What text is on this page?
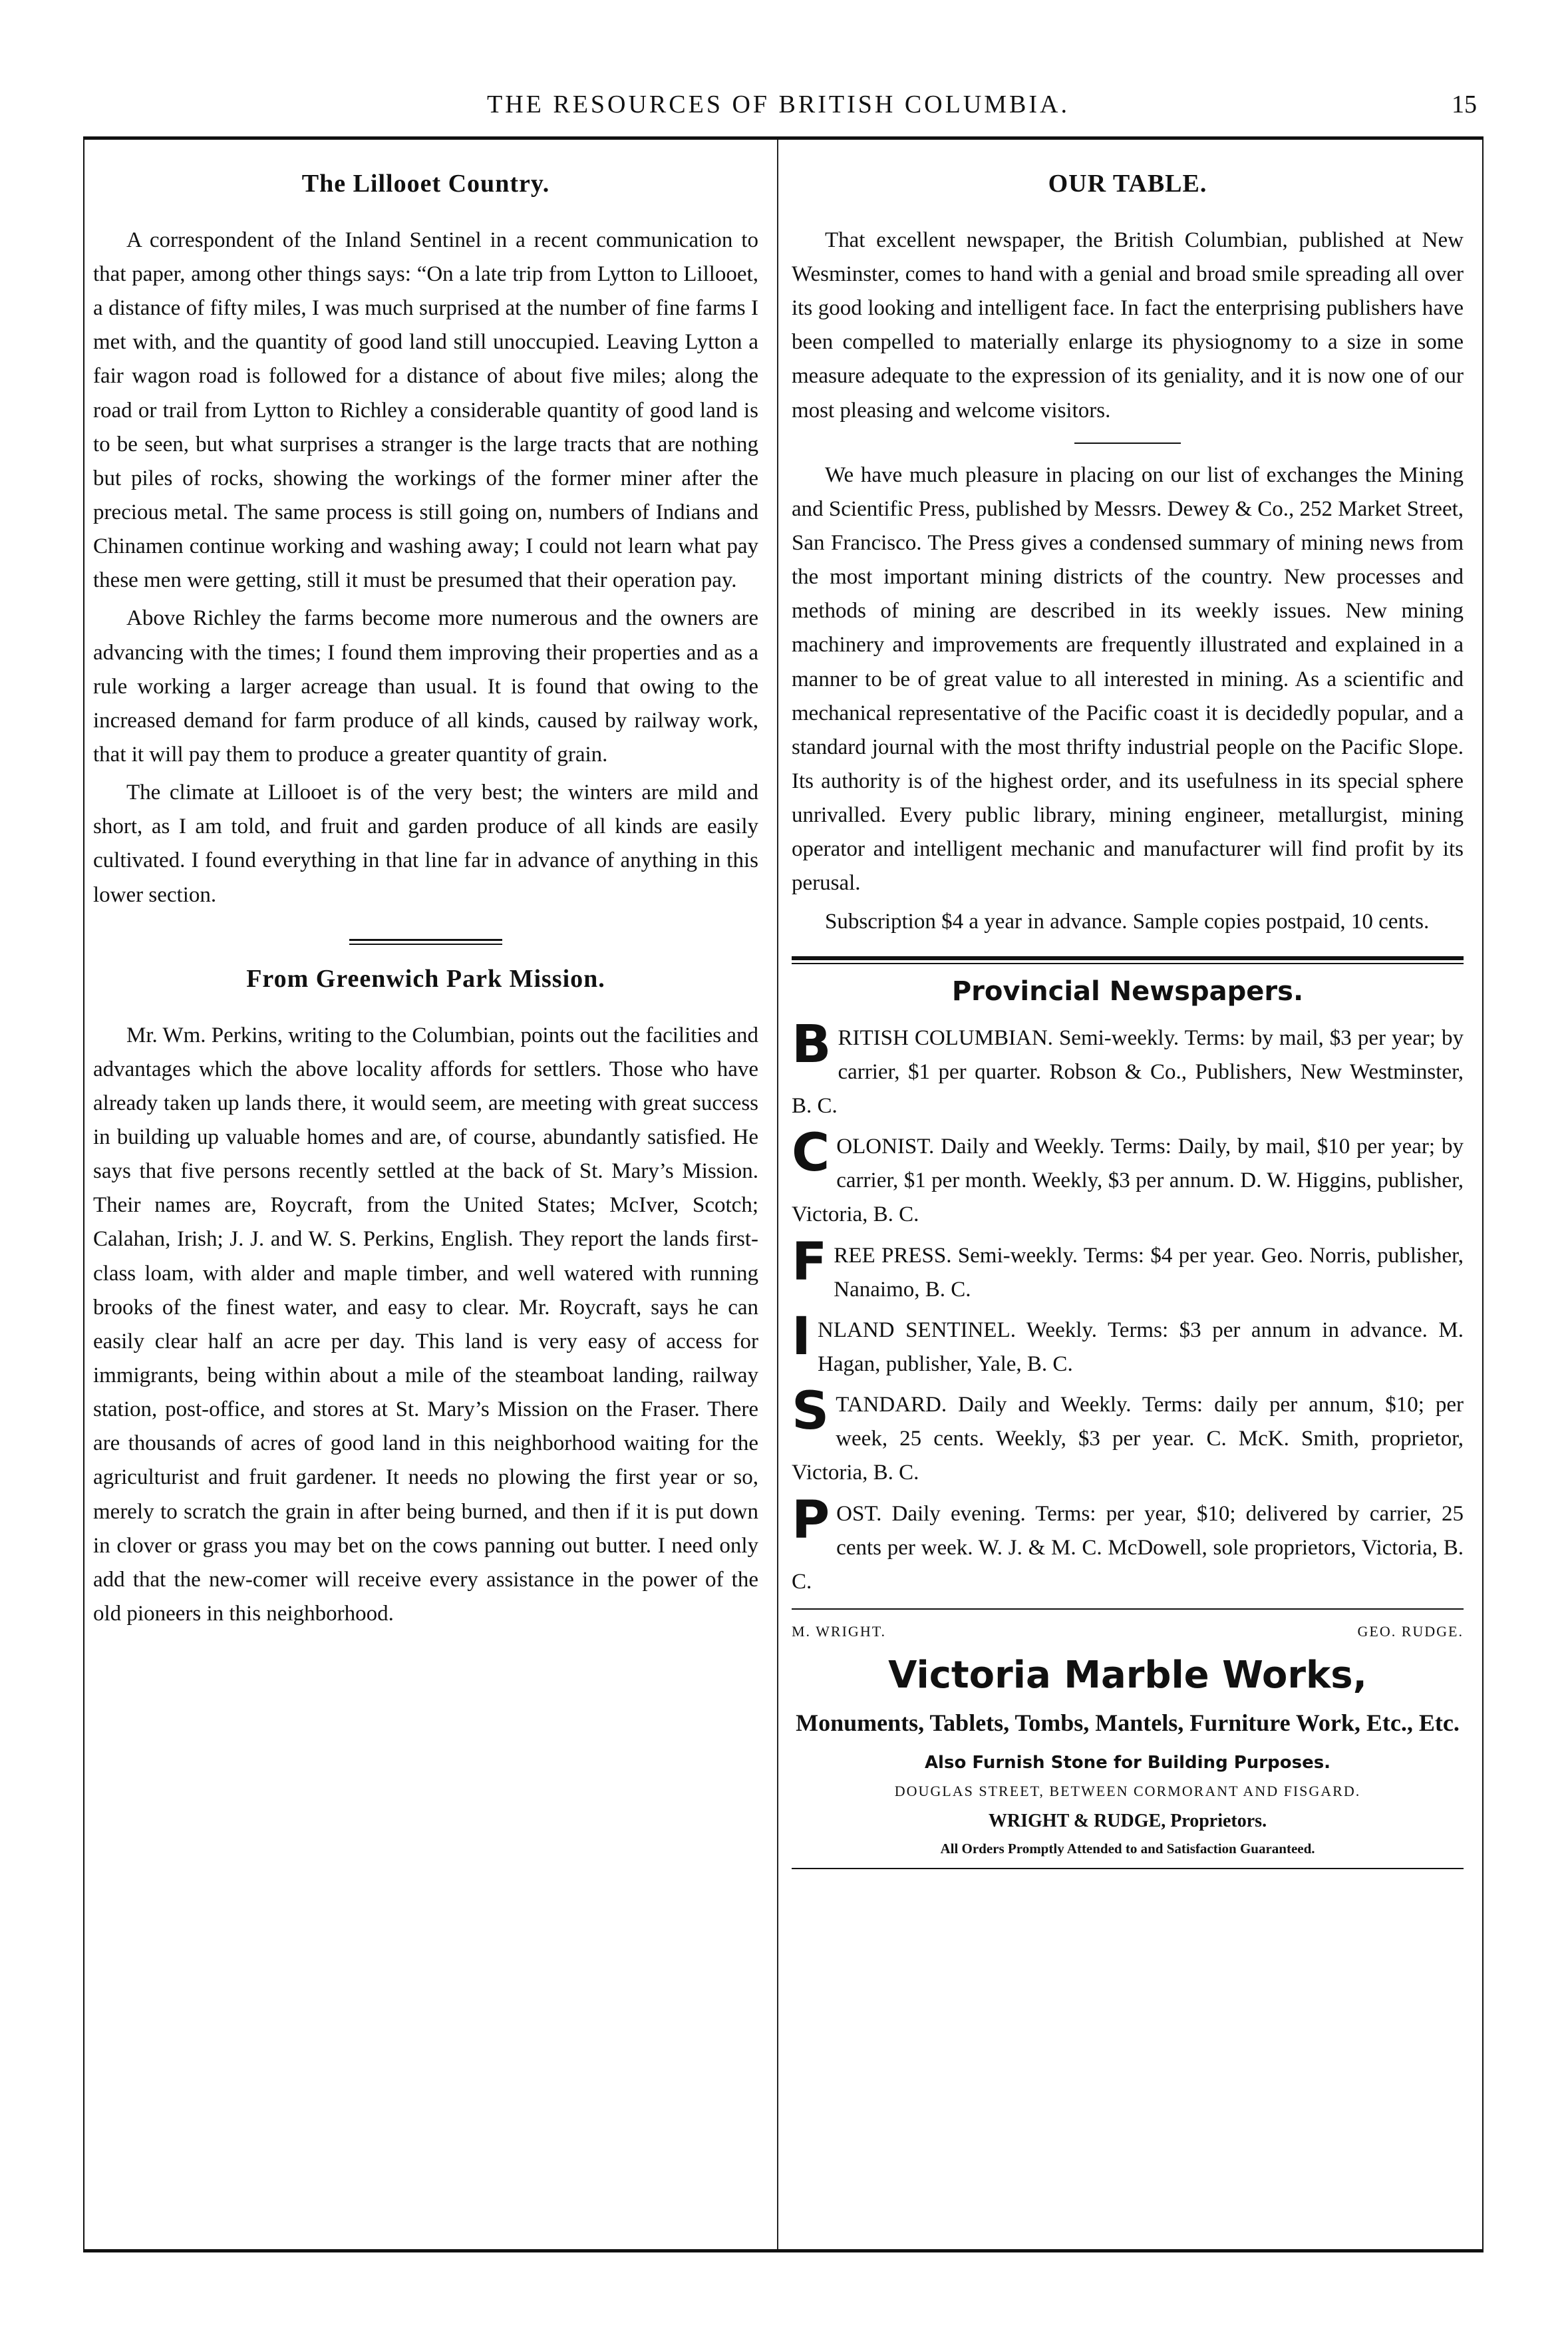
THE RESOURCES OF BRITISH COLUMBIA.	15
The Lillooet Country.

A correspondent of the Inland Sentinel in a recent communication to that paper, among other things says: “On a late trip from Lytton to Lillooet, a distance of fifty miles, I was much surprised at the number of fine farms I met with, and the quantity of good land still unoccupied. Leaving Lytton a fair wagon road is followed for a distance of about five miles; along the road or trail from Lytton to Richley a considerable quantity of good land is to be seen, but what surprises a stranger is the large tracts that are nothing but piles of rocks, showing the workings of the former miner after the precious metal. The same process is still going on, numbers of Indians and Chinamen continue working and washing away; I could not learn what pay these men were getting, still it must be presumed that their operation pay.

Above Richley the farms become more numerous and the owners are advancing with the times; I found them improving their properties and as a rule working a larger acreage than usual. It is found that owing to the increased demand for farm produce of all kinds, caused by railway work, that it will pay them to produce a greater quantity of grain.

The climate at Lillooet is of the very best; the winters are mild and short, as I am told, and fruit and garden produce of all kinds are easily cultivated. I found everything in that line far in advance of anything in this lower section.

From Greenwich Park Mission.

Mr. Wm. Perkins, writing to the Columbian, points out the facilities and advantages which the above locality affords for settlers. Those who have already taken up lands there, it would seem, are meeting with great success in building up valuable homes and are, of course, abundantly satisfied. He says that five persons recently settled at the back of St. Mary’s Mission. Their names are, Roycraft, from the United States; McIver, Scotch; Calahan, Irish; J. J. and W. S. Perkins, English. They report the lands first-class loam, with alder and maple timber, and well watered with running brooks of the finest water, and easy to clear. Mr. Roycraft, says he can easily clear half an acre per day. This land is very easy of access for immigrants, being within about a mile of the steamboat landing, railway station, post-office, and stores at St. Mary’s Mission on the Fraser. There are thousands of acres of good land in this neighborhood waiting for the agriculturist and fruit gardener. It needs no plowing the first year or so, merely to scratch the grain in after being burned, and then if it is put down in clover or grass you may bet on the cows panning out butter. I need only add that the new-comer will receive every assistance in the power of the old pioneers in this neighborhood.

OUR TABLE.

That excellent newspaper, the British Columbian, published at New Wesminster, comes to hand with a genial and broad smile spreading all over its good looking and intelligent face. In fact the enterprising publishers have been compelled to materially enlarge its physiognomy to a size in some measure adequate to the expression of its geniality, and it is now one of our most pleasing and welcome visitors.

We have much pleasure in placing on our list of exchanges the Mining and Scientific Press, published by Messrs. Dewey & Co., 252 Market Street, San Francisco. The Press gives a condensed summary of mining news from the most important mining districts of the country. New processes and methods of mining are described in its weekly issues. New mining machinery and improvements are frequently illustrated and explained in a manner to be of great value to all interested in mining. As a scientific and mechanical representative of the Pacific coast it is decidedly popular, and a standard journal with the most thrifty industrial people on the Pacific Slope. Its authority is of the highest order, and its usefulness in its special sphere unrivalled. Every public library, mining engineer, metallurgist, mining operator and intelligent mechanic and manufacturer will find profit by its perusal.

Subscription $4 a year in advance. Sample copies postpaid, 10 cents.

Provincial Newspapers.
B RITISH COLUMBIAN. Semi-weekly. Terms: by mail, $3 per year; by carrier, $1 per quarter. Robson & Co., Publishers, New Westminster, B. C.
C OLONIST. Daily and Weekly. Terms: Daily, by mail, $10 per year; by carrier, $1 per month. Weekly, $3 per annum. D. W. Higgins, publisher, Victoria, B. C.
F REE PRESS. Semi-weekly. Terms: $4 per year. Geo. Norris, publisher, Nanaimo, B. C.
I NLAND SENTINEL. Weekly. Terms: $3 per annum in advance. M. Hagan, publisher, Yale, B. C.
S TANDARD. Daily and Weekly. Terms: daily per annum, $10; per week, 25 cents. Weekly, $3 per year. C. McK. Smith, proprietor, Victoria, B. C.
P OST. Daily evening. Terms: per year, $10; delivered by carrier, 25 cents per week. W. J. & M. C. McDowell, sole proprietors, Victoria, B. C.
M. WRIGHT.	GEO. RUDGE.
Victoria Marble Works,
Monuments, Tablets, Tombs, Mantels, Furniture Work, Etc., Etc.
Also Furnish Stone for Building Purposes.
DOUGLAS STREET, BETWEEN CORMORANT AND FISGARD.
WRIGHT & RUDGE, Proprietors.
All Orders Promptly Attended to and Satisfaction Guaranteed.
